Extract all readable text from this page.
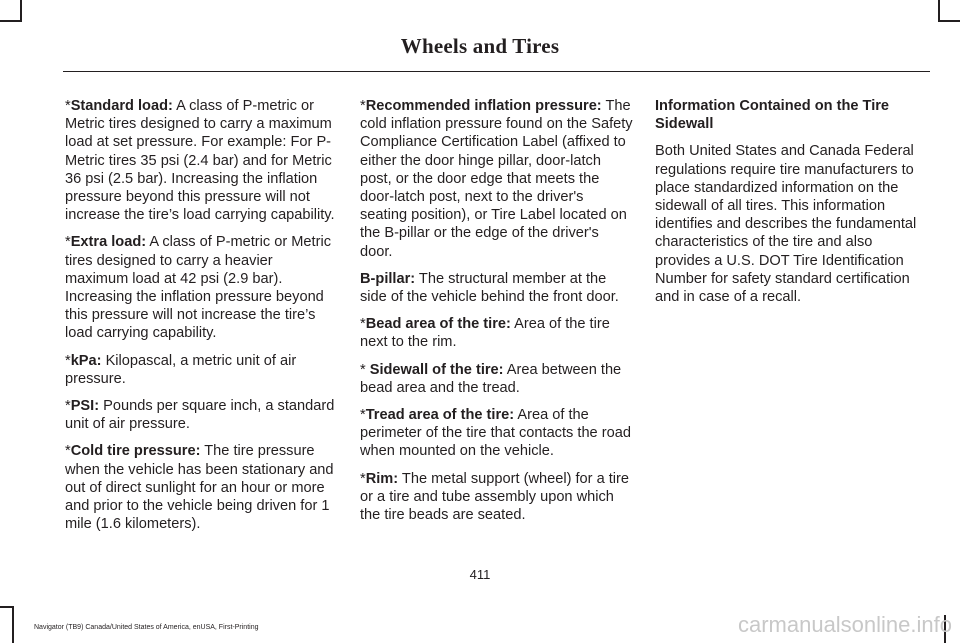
Wheels and Tires

*Standard load: A class of P-metric or Metric tires designed to carry a maximum load at set pressure. For example: For P-Metric tires 35 psi (2.4 bar) and for Metric 36 psi (2.5 bar). Increasing the inflation pressure beyond this pressure will not increase the tire’s load carrying capability.

*Extra load: A class of P-metric or Metric tires designed to carry a heavier maximum load at 42 psi (2.9 bar). Increasing the inflation pressure beyond this pressure will not increase the tire’s load carrying capability.

*kPa: Kilopascal, a metric unit of air pressure.

*PSI: Pounds per square inch, a standard unit of air pressure.

*Cold tire pressure: The tire pressure when the vehicle has been stationary and out of direct sunlight for an hour or more and prior to the vehicle being driven for 1 mile (1.6 kilometers).

*Recommended inflation pressure: The cold inflation pressure found on the Safety Compliance Certification Label (affixed to either the door hinge pillar, door-latch post, or the door edge that meets the door-latch post, next to the driver's seating position), or Tire Label located on the B-pillar or the edge of the driver's door.

B-pillar: The structural member at the side of the vehicle behind the front door.

*Bead area of the tire: Area of the tire next to the rim.

* Sidewall of the tire: Area between the bead area and the tread.

*Tread area of the tire: Area of the perimeter of the tire that contacts the road when mounted on the vehicle.

*Rim: The metal support (wheel) for a tire or a tire and tube assembly upon which the tire beads are seated.

Information Contained on the Tire Sidewall

Both United States and Canada Federal regulations require tire manufacturers to place standardized information on the sidewall of all tires. This information identifies and describes the fundamental characteristics of the tire and also provides a U.S. DOT Tire Identification Number for safety standard certification and in case of a recall.

411
Navigator (TB9) Canada/United States of America, enUSA, First-Printing	carmanualsonline.info
